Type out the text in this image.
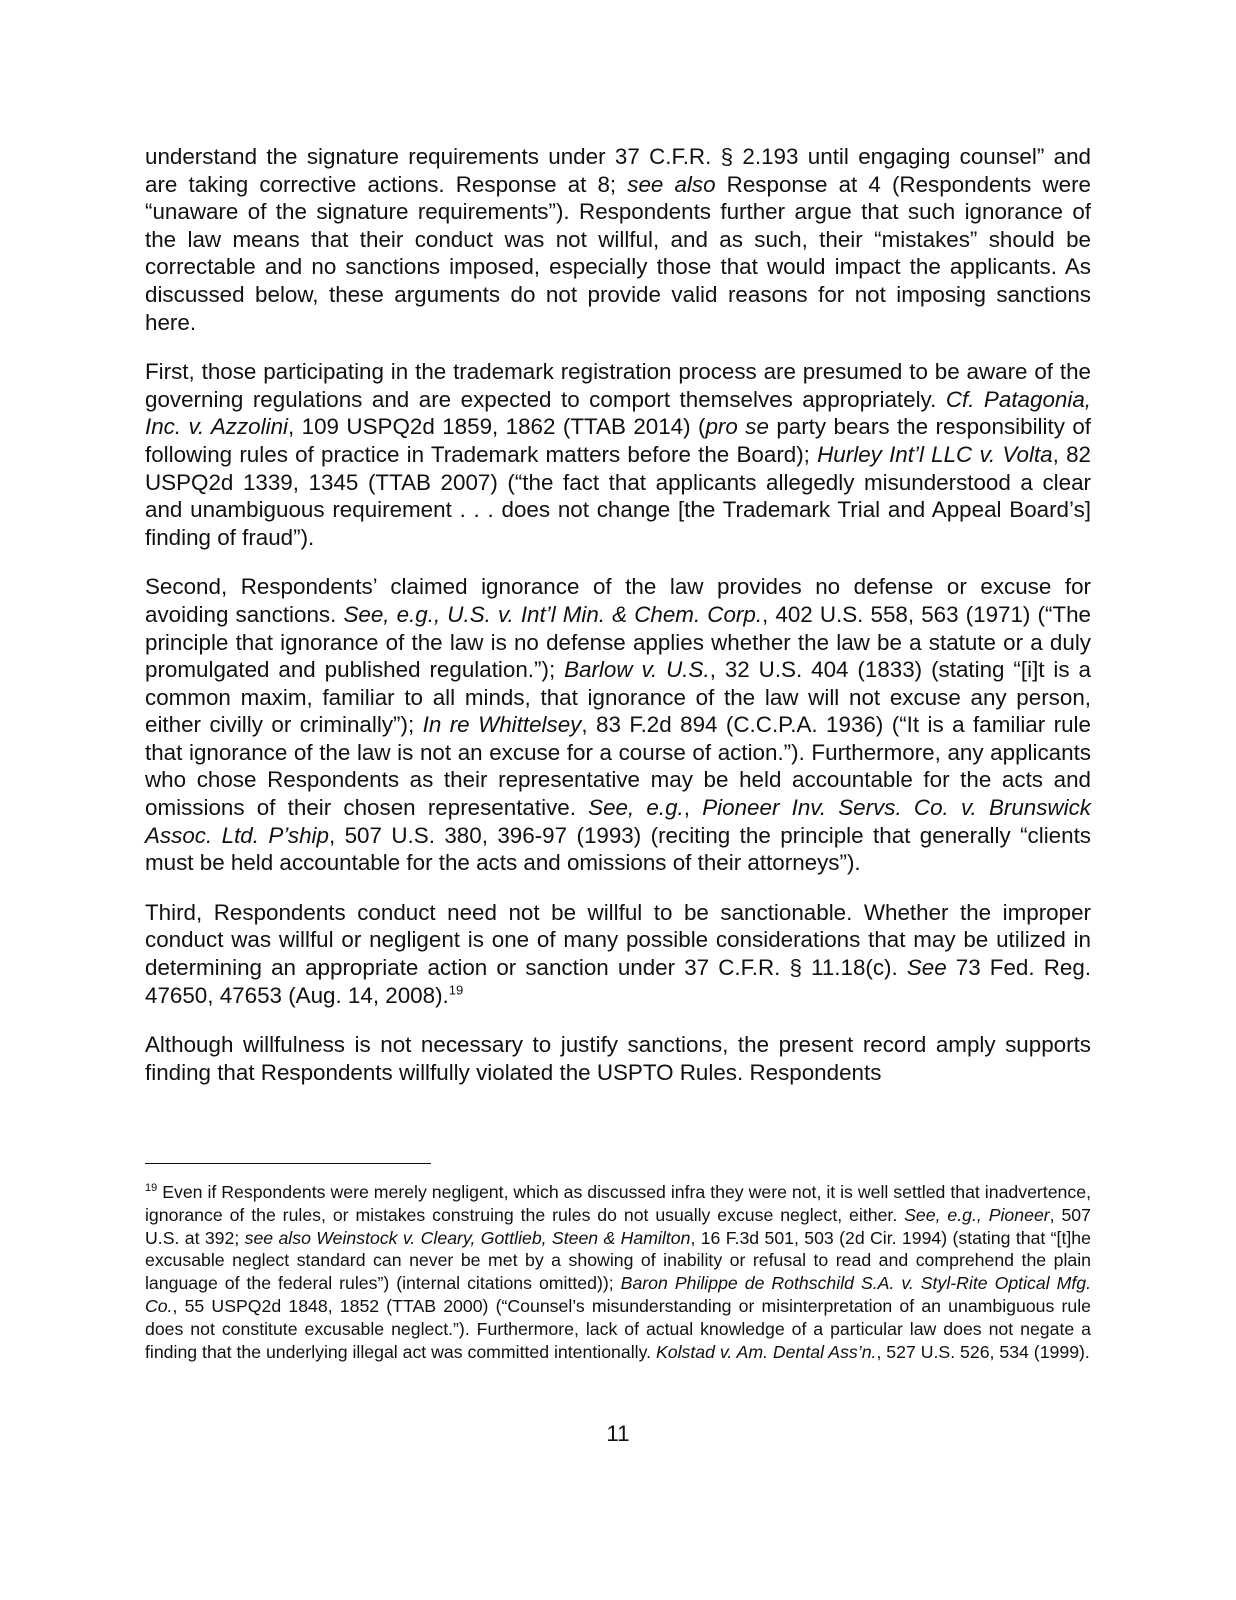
understand the signature requirements under 37 C.F.R. § 2.193 until engaging counsel” and are taking corrective actions. Response at 8; see also Response at 4 (Respondents were “unaware of the signature requirements”). Respondents further argue that such ignorance of the law means that their conduct was not willful, and as such, their “mistakes” should be correctable and no sanctions imposed, especially those that would impact the applicants. As discussed below, these arguments do not provide valid reasons for not imposing sanctions here.

First, those participating in the trademark registration process are presumed to be aware of the governing regulations and are expected to comport themselves appropriately. Cf. Patagonia, Inc. v. Azzolini, 109 USPQ2d 1859, 1862 (TTAB 2014) (pro se party bears the responsibility of following rules of practice in Trademark matters before the Board); Hurley Int’l LLC v. Volta, 82 USPQ2d 1339, 1345 (TTAB 2007) (“the fact that applicants allegedly misunderstood a clear and unambiguous requirement . . . does not change [the Trademark Trial and Appeal Board’s] finding of fraud”).

Second, Respondents’ claimed ignorance of the law provides no defense or excuse for avoiding sanctions. See, e.g., U.S. v. Int’l Min. & Chem. Corp., 402 U.S. 558, 563 (1971) (“The principle that ignorance of the law is no defense applies whether the law be a statute or a duly promulgated and published regulation.”); Barlow v. U.S., 32 U.S. 404 (1833) (stating “[i]t is a common maxim, familiar to all minds, that ignorance of the law will not excuse any person, either civilly or criminally”); In re Whittelsey, 83 F.2d 894 (C.C.P.A. 1936) (“It is a familiar rule that ignorance of the law is not an excuse for a course of action.”). Furthermore, any applicants who chose Respondents as their representative may be held accountable for the acts and omissions of their chosen representative. See, e.g., Pioneer Inv. Servs. Co. v. Brunswick Assoc. Ltd. P’ship, 507 U.S. 380, 396-97 (1993) (reciting the principle that generally “clients must be held accountable for the acts and omissions of their attorneys”).

Third, Respondents conduct need not be willful to be sanctionable. Whether the improper conduct was willful or negligent is one of many possible considerations that may be utilized in determining an appropriate action or sanction under 37 C.F.R. § 11.18(c). See 73 Fed. Reg. 47650, 47653 (Aug. 14, 2008).$^{19}$

Although willfulness is not necessary to justify sanctions, the present record amply supports finding that Respondents willfully violated the USPTO Rules. Respondents

$^{19}$ Even if Respondents were merely negligent, which as discussed infra they were not, it is well settled that inadvertence, ignorance of the rules, or mistakes construing the rules do not usually excuse neglect, either. See, e.g., Pioneer, 507 U.S. at 392; see also Weinstock v. Cleary, Gottlieb, Steen & Hamilton, 16 F.3d 501, 503 (2d Cir. 1994) (stating that “[t]he excusable neglect standard can never be met by a showing of inability or refusal to read and comprehend the plain language of the federal rules”) (internal citations omitted)); Baron Philippe de Rothschild S.A. v. Styl-Rite Optical Mfg. Co., 55 USPQ2d 1848, 1852 (TTAB 2000) (“Counsel’s misunderstanding or misinterpretation of an unambiguous rule does not constitute excusable neglect.”). Furthermore, lack of actual knowledge of a particular law does not negate a finding that the underlying illegal act was committed intentionally. Kolstad v. Am. Dental Ass’n., 527 U.S. 526, 534 (1999).
11
